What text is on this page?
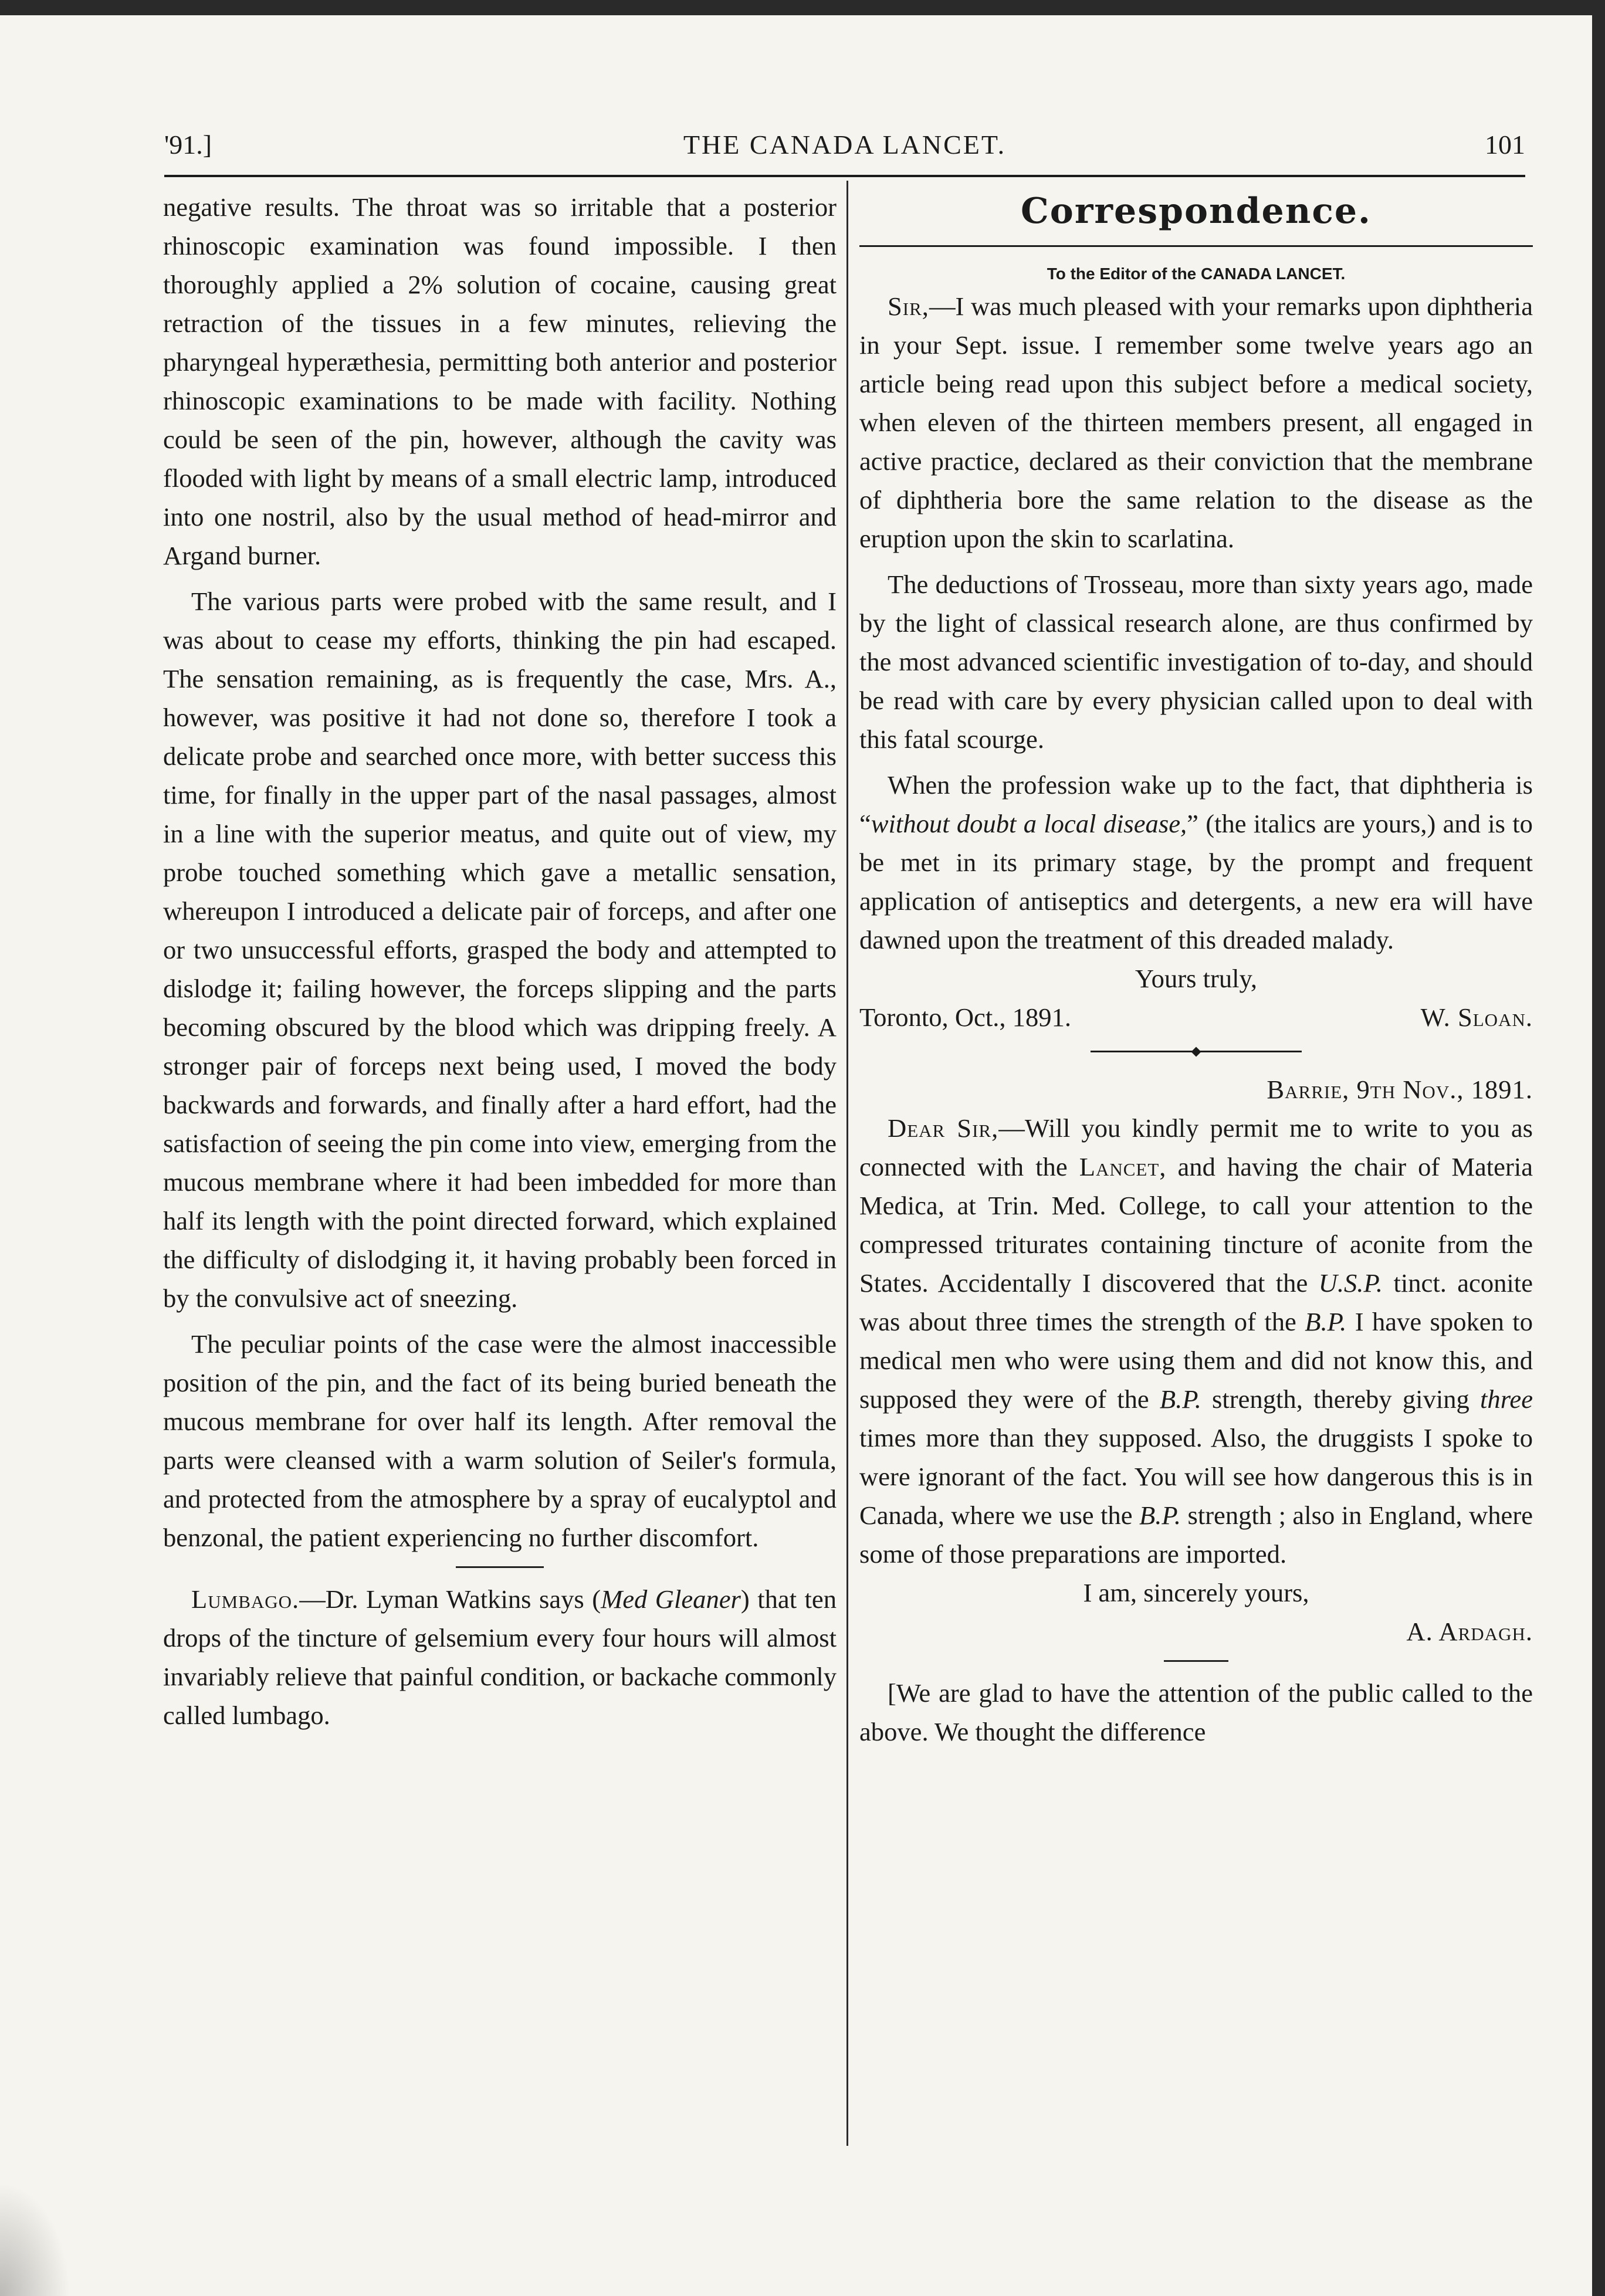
'91.]	THE CANADA LANCET.	101

negative results. The throat was so irritable that a posterior rhinoscopic examination was found impossible. I then thoroughly applied a 2% solution of cocaine, causing great retraction of the tissues in a few minutes, relieving the pharyngeal hyperæthesia, permitting both anterior and posterior rhinoscopic examinations to be made with facility. Nothing could be seen of the pin, however, although the cavity was flooded with light by means of a small electric lamp, introduced into one nostril, also by the usual method of head-mirror and Argand burner.

The various parts were probed witb the same result, and I was about to cease my efforts, thinking the pin had escaped. The sensation remaining, as is frequently the case, Mrs. A., however, was positive it had not done so, therefore I took a delicate probe and searched once more, with better success this time, for finally in the upper part of the nasal passages, almost in a line with the superior meatus, and quite out of view, my probe touched something which gave a metallic sensation, whereupon I introduced a delicate pair of forceps, and after one or two unsuccessful efforts, grasped the body and attempted to dislodge it; failing however, the forceps slipping and the parts becoming obscured by the blood which was dripping freely. A stronger pair of forceps next being used, I moved the body backwards and forwards, and finally after a hard effort, had the satisfaction of seeing the pin come into view, emerging from the mucous membrane where it had been imbedded for more than half its length with the point directed forward, which explained the difficulty of dislodging it, it having probably been forced in by the convulsive act of sneezing.

The peculiar points of the case were the almost inaccessible position of the pin, and the fact of its being buried beneath the mucous membrane for over half its length. After removal the parts were cleansed with a warm solution of Seiler's formula, and protected from the atmosphere by a spray of eucalyptol and benzonal, the patient experiencing no further discomfort.

Lumbago.—Dr. Lyman Watkins says (Med Gleaner) that ten drops of the tincture of gelsemium every four hours will almost invariably relieve that painful condition, or backache commonly called lumbago.

Correspondence.

To the Editor of the CANADA LANCET.

Sir,—I was much pleased with your remarks upon diphtheria in your Sept. issue. I remember some twelve years ago an article being read upon this subject before a medical society, when eleven of the thirteen members present, all engaged in active practice, declared as their conviction that the membrane of diphtheria bore the same relation to the disease as the eruption upon the skin to scarlatina.

The deductions of Trosseau, more than sixty years ago, made by the light of classical research alone, are thus confirmed by the most advanced scientific investigation of to-day, and should be read with care by every physician called upon to deal with this fatal scourge.

When the profession wake up to the fact, that diphtheria is “without doubt a local disease,” (the italics are yours,) and is to be met in its primary stage, by the prompt and frequent application of antiseptics and detergents, a new era will have dawned upon the treatment of this dreaded malady.

Yours truly,

Toronto, Oct., 1891.	W. Sloan.

Barrie, 9th Nov., 1891.

Dear Sir,—Will you kindly permit me to write to you as connected with the Lancet, and having the chair of Materia Medica, at Trin. Med. College, to call your attention to the compressed triturates containing tincture of aconite from the States. Accidentally I discovered that the U.S.P. tinct. aconite was about three times the strength of the B.P. I have spoken to medical men who were using them and did not know this, and supposed they were of the B.P. strength, thereby giving three times more than they supposed. Also, the druggists I spoke to were ignorant of the fact. You will see how dangerous this is in Canada, where we use the B.P. strength ; also in England, where some of those preparations are imported.

I am, sincerely yours,

A. Ardagh.

[We are glad to have the attention of the public called to the above. We thought the difference
